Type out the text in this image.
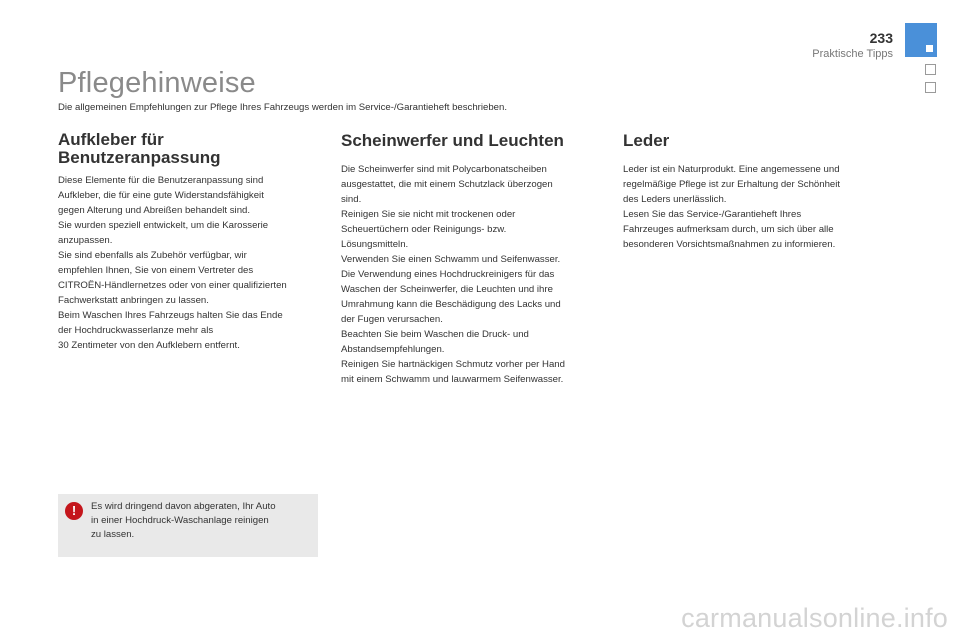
233
Praktische Tipps
Pflegehinweise
Die allgemeinen Empfehlungen zur Pflege Ihres Fahrzeugs werden im Service-/Garantieheft beschrieben.
Aufkleber für Benutzeranpassung

Diese Elemente für die Benutzeranpassung sind
Aufkleber, die für eine gute Widerstandsfähigkeit
gegen Alterung und Abreißen behandelt sind.
Sie wurden speziell entwickelt, um die Karosserie
anzupassen.
Sie sind ebenfalls als Zubehör verfügbar, wir
empfehlen Ihnen, Sie von einem Vertreter des
CITROËN-Händlernetzes oder von einer qualifizierten
Fachwerkstatt anbringen zu lassen.
Beim Waschen Ihres Fahrzeugs halten Sie das Ende
der Hochdruckwasserlanze mehr als
30 Zentimeter von den Aufklebern entfernt.

Scheinwerfer und Leuchten

Die Scheinwerfer sind mit Polycarbonatscheiben
ausgestattet, die mit einem Schutzlack überzogen
sind.
Reinigen Sie sie nicht mit trockenen oder
Scheuertüchern oder Reinigungs- bzw.
Lösungsmitteln.
Verwenden Sie einen Schwamm und Seifenwasser.
Die Verwendung eines Hochdruckreinigers für das
Waschen der Scheinwerfer, die Leuchten und ihre
Umrahmung kann die Beschädigung des Lacks und
der Fugen verursachen.
Beachten Sie beim Waschen die Druck- und
Abstandsempfehlungen.
Reinigen Sie hartnäckigen Schmutz vorher per Hand
mit einem Schwamm und lauwarmem Seifenwasser.

Leder

Leder ist ein Naturprodukt. Eine angemessene und
regelmäßige Pflege ist zur Erhaltung der Schönheit
des Leders unerlässlich.
Lesen Sie das Service-/Garantieheft Ihres
Fahrzeuges aufmerksam durch, um sich über alle
besonderen Vorsichtsmaßnahmen zu informieren.

!	Es wird dringend davon abgeraten, Ihr Auto
in einer Hochdruck-Waschanlage reinigen
zu lassen.
carmanualsonline.info
